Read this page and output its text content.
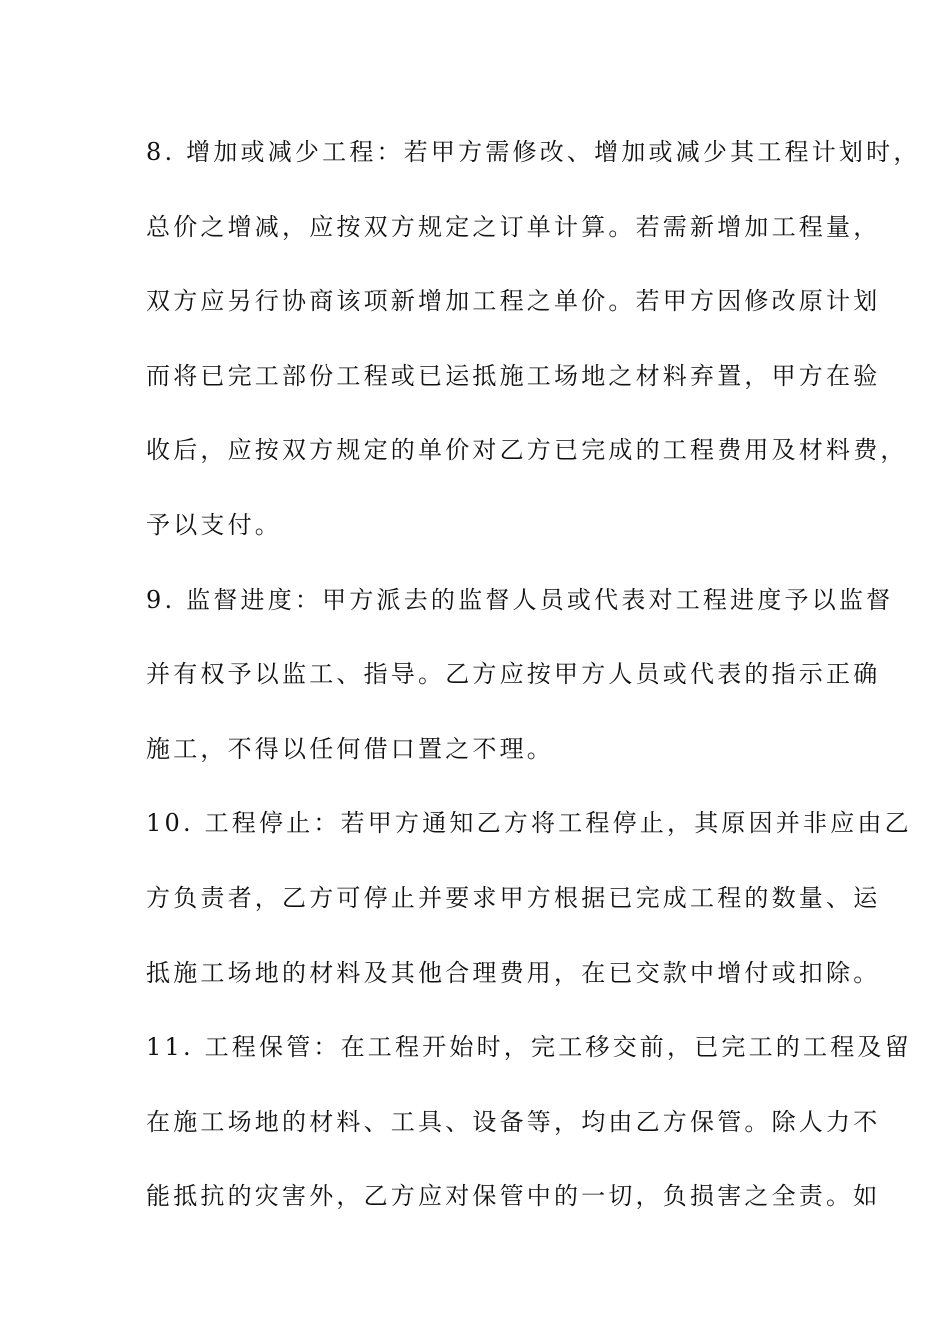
8. 增加或减少工程：若甲方需修改、增加或减少其工程计划时，
总价之增减，应按双方规定之订单计算。若需新增加工程量，
双方应另行协商该项新增加工程之单价。若甲方因修改原计划
而将已完工部份工程或已运抵施工场地之材料弃置，甲方在验
收后，应按双方规定的单价对乙方已完成的工程费用及材料费，
予以支付。
9. 监督进度：甲方派去的监督人员或代表对工程进度予以监督
并有权予以监工、指导。乙方应按甲方人员或代表的指示正确
施工，不得以任何借口置之不理。
10. 工程停止：若甲方通知乙方将工程停止，其原因并非应由乙
方负责者，乙方可停止并要求甲方根据已完成工程的数量、运
抵施工场地的材料及其他合理费用，在已交款中增付或扣除。
11. 工程保管：在工程开始时，完工移交前，已完工的工程及留
在施工场地的材料、工具、设备等，均由乙方保管。除人力不
能抵抗的灾害外，乙方应对保管中的一切，负损害之全责。如
